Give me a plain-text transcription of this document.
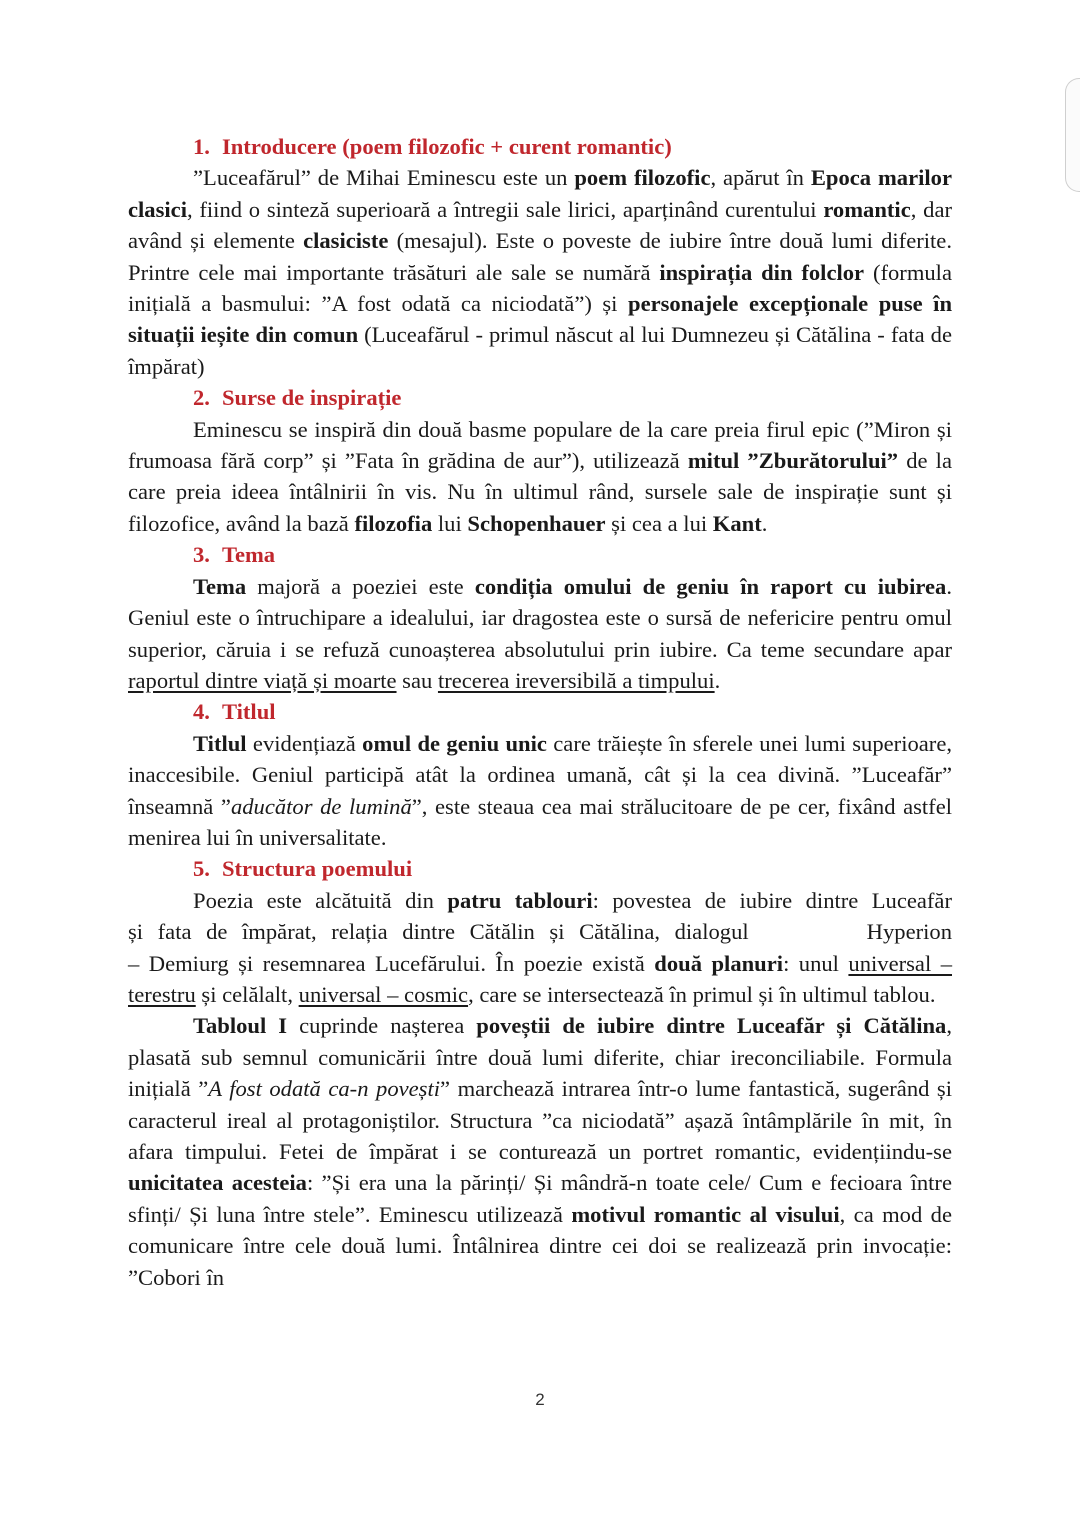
1. Introducere (poem filozofic + curent romantic)

”Luceafărul” de Mihai Eminescu este un poem filozofic, apărut în Epoca marilor clasici, fiind o sinteză superioară a întregii sale lirici, aparținând curentului romantic, dar având și elemente clasiciste (mesajul). Este o poveste de iubire între două lumi diferite. Printre cele mai importante trăsături ale sale se numără inspirația din folclor (formula inițială a basmului: ”A fost odată ca niciodată”) și personajele excepționale puse în situații ieșite din comun (Luceafărul - primul născut al lui Dumnezeu și Cătălina - fata de împărat)

2. Surse de inspirație

Eminescu se inspiră din două basme populare de la care preia firul epic (”Miron și frumoasa fără corp” și ”Fata în grădina de aur”), utilizează mitul ”Zburătorului” de la care preia ideea întâlnirii în vis. Nu în ultimul rând, sursele sale de inspirație sunt și filozofice, având la bază filozofia lui Schopenhauer și cea a lui Kant.

3. Tema

Tema majoră a poeziei este condiția omului de geniu în raport cu iubirea. Geniul este o întruchipare a idealului, iar dragostea este o sursă de nefericire pentru omul superior, căruia i se refuză cunoașterea absolutului prin iubire. Ca teme secundare apar raportul dintre viață și moarte sau trecerea ireversibilă a timpului.

4. Titlul

Titlul evidențiază omul de geniu unic care trăiește în sferele unei lumi superioare, inaccesibile. Geniul participă atât la ordinea umană, cât și la cea divină. ”Luceafăr” înseamnă ”aducător de lumină”, este steaua cea mai strălucitoare de pe cer, fixând astfel menirea lui în universalitate.

5. Structura poemului
Poezia este alcătuită din patru tablouri: povestea de iubire dintre Luceafăr
și fata de împărat, relația dintre Cătălin și Cătălina, dialogul	Hyperion
– Demiurg și resemnarea Lucefărului. În poezie există două planuri: unul universal – terestru și celălalt, universal – cosmic, care se intersectează în primul și în ultimul tablou.

Tabloul I cuprinde nașterea poveștii de iubire dintre Luceafăr și Cătălina, plasată sub semnul comunicării între două lumi diferite, chiar ireconciliabile. Formula inițială ”A fost odată ca-n povești” marchează intrarea într-o lume fantastică, sugerând și caracterul ireal al protagoniștilor. Structura ”ca niciodată” așază întâmplările în mit, în afara timpului. Fetei de împărat i se conturează un portret romantic, evidențiindu-se unicitatea acesteia: ”Și era una la părinți/ Și mândră-n toate cele/ Cum e fecioara între sfinți/ Și luna între stele”. Eminescu utilizează motivul romantic al visului, ca mod de comunicare între cele două lumi. Întâlnirea dintre cei doi se realizează prin invocație: ”Cobori în

2
